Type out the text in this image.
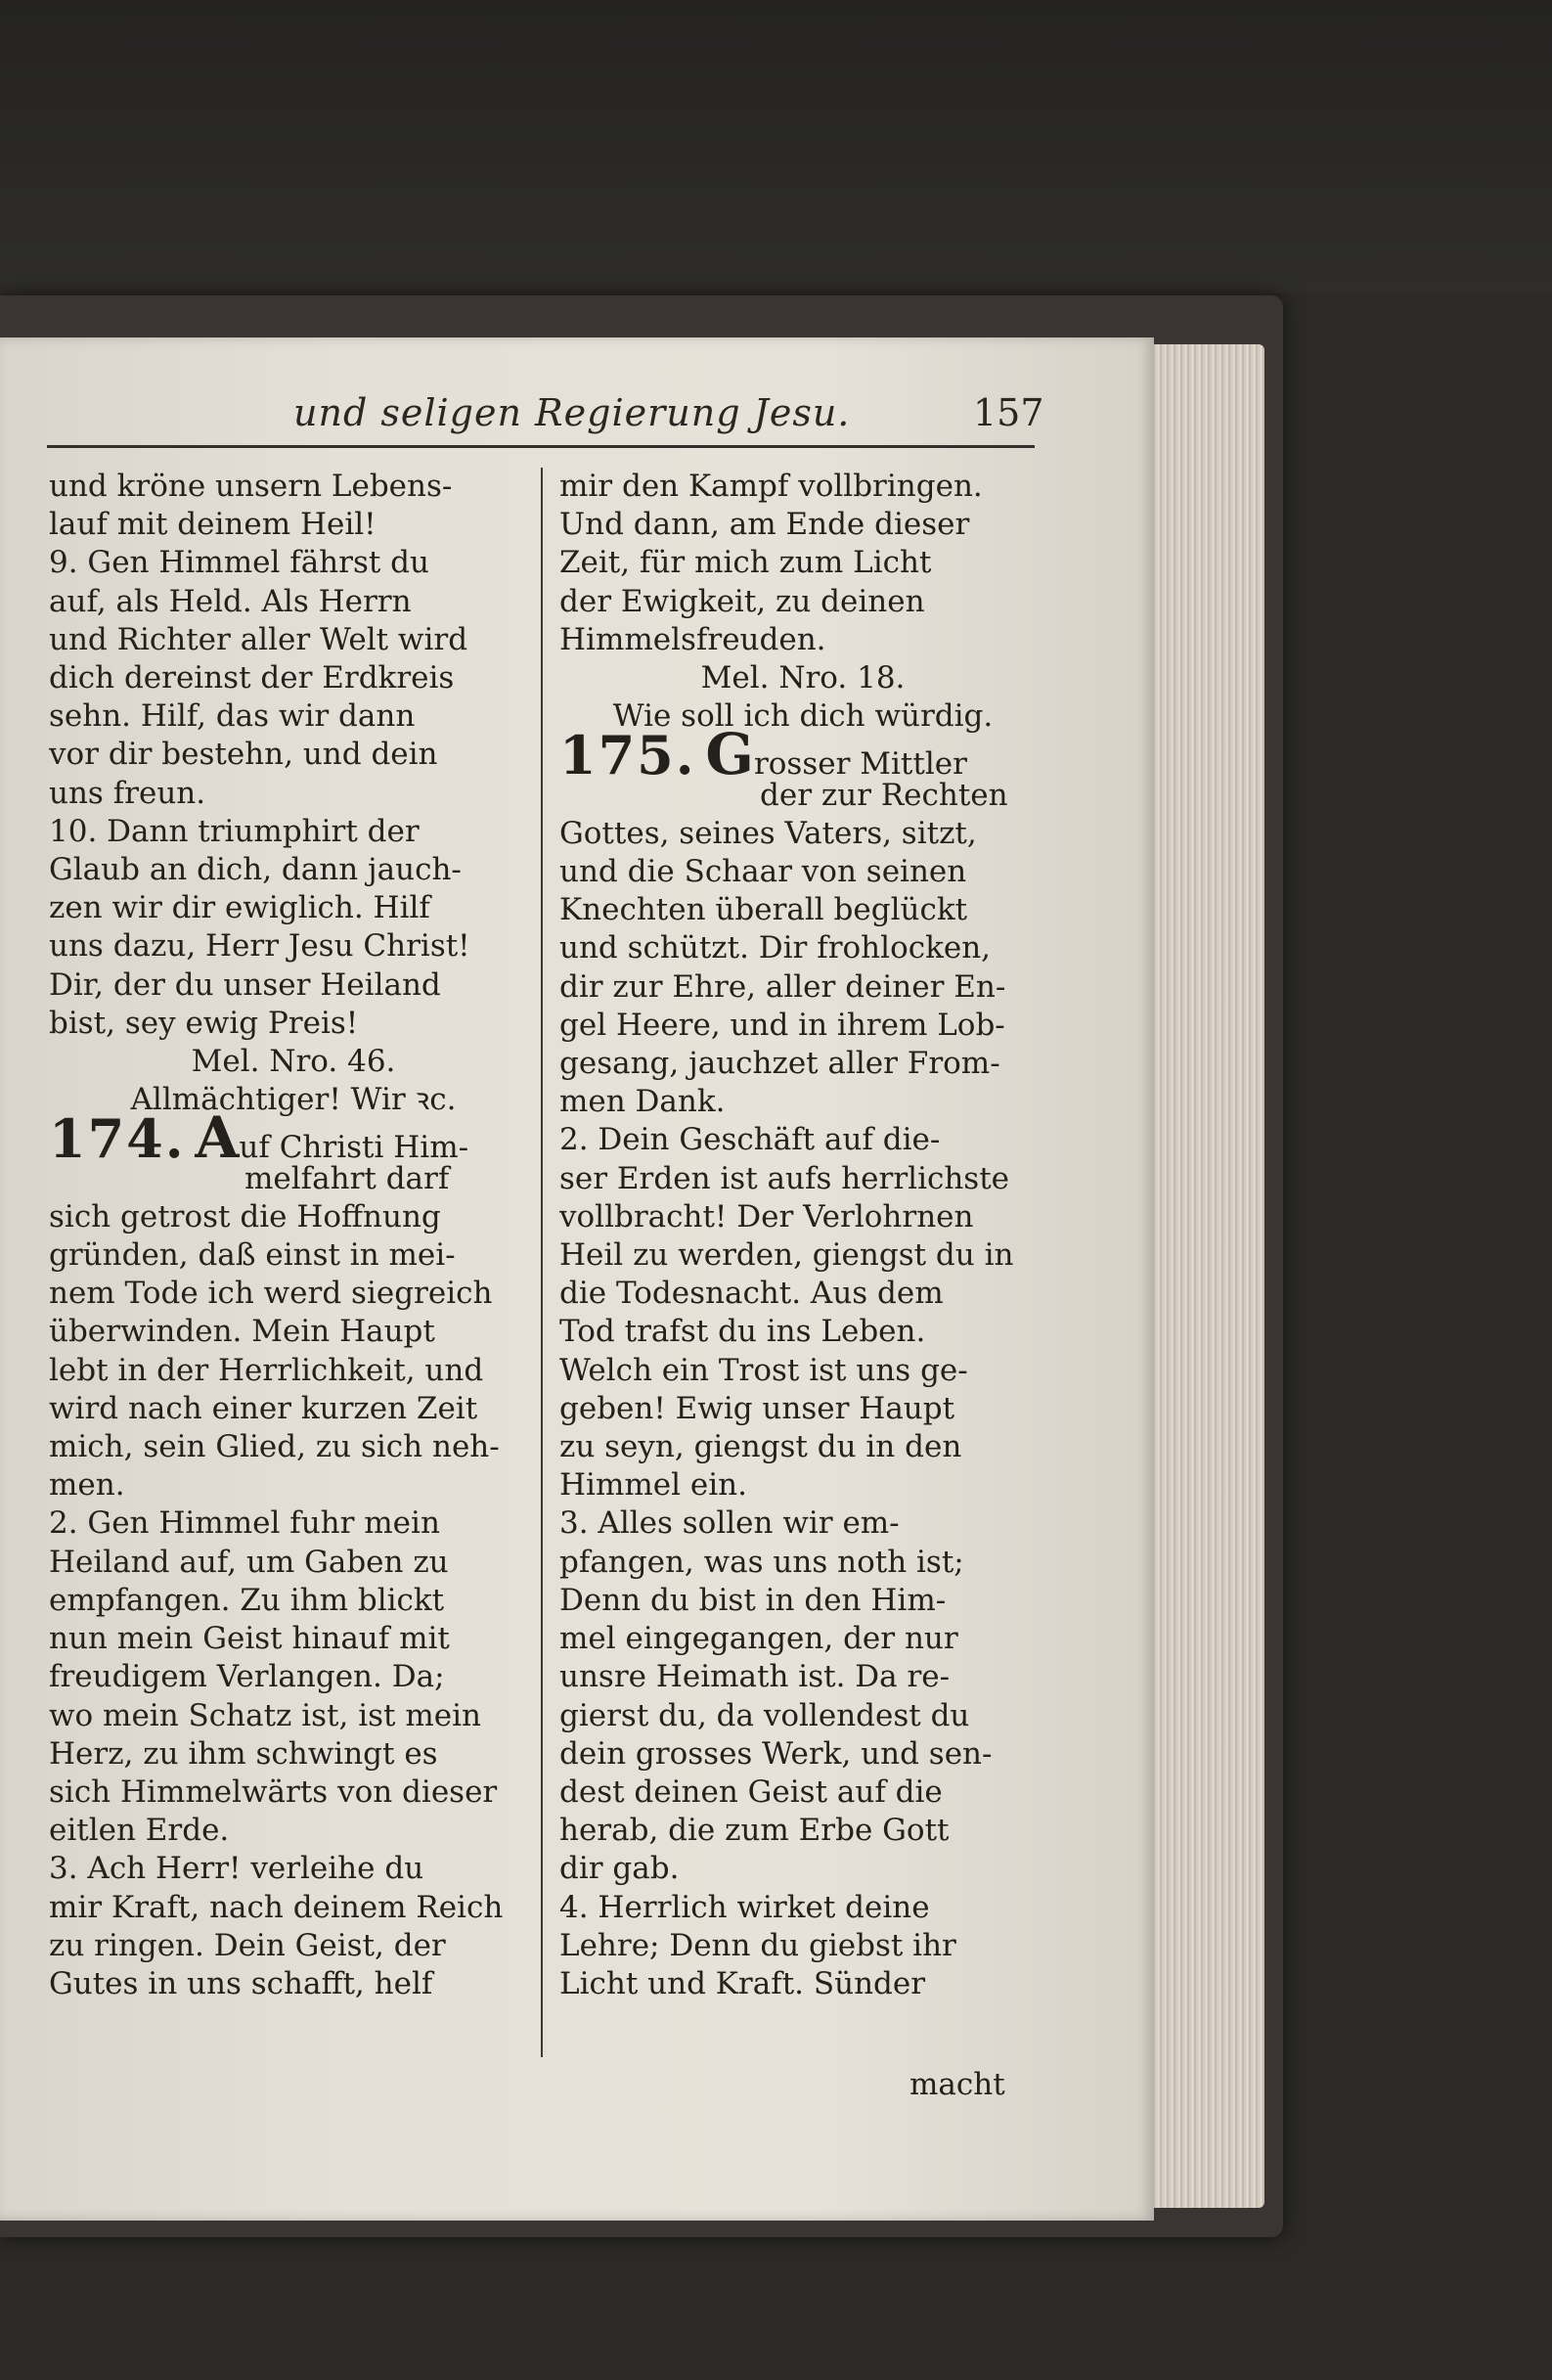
und seligen Regierung Jesu.	157
und kröne unsern Lebens-
lauf mit deinem Heil!
9. Gen Himmel fährst du
auf, als Held. Als Herrn
und Richter aller Welt wird
dich dereinst der Erdkreis
sehn. Hilf, das wir dann
vor dir bestehn, und dein
uns freun.
10. Dann triumphirt der
Glaub an dich, dann jauch-
zen wir dir ewiglich. Hilf
uns dazu, Herr Jesu Christ!
Dir, der du unser Heiland
bist, sey ewig Preis!
Mel. Nro. 46.
Allmächtiger! Wir ꝛc.
174. Auf Christi Him-
melfahrt darf
sich getrost die Hoffnung
gründen, daß einst in mei-
nem Tode ich werd siegreich
überwinden. Mein Haupt
lebt in der Herrlichkeit, und
wird nach einer kurzen Zeit
mich, sein Glied, zu sich neh-
men.
2. Gen Himmel fuhr mein
Heiland auf, um Gaben zu
empfangen. Zu ihm blickt
nun mein Geist hinauf mit
freudigem Verlangen. Da;
wo mein Schatz ist, ist mein
Herz, zu ihm schwingt es
sich Himmelwärts von dieser
eitlen Erde.
3. Ach Herr! verleihe du
mir Kraft, nach deinem Reich
zu ringen. Dein Geist, der
Gutes in uns schafft, helf
mir den Kampf vollbringen.
Und dann, am Ende dieser
Zeit, für mich zum Licht
der Ewigkeit, zu deinen
Himmelsfreuden.
Mel. Nro. 18.
Wie soll ich dich würdig.
175. Grosser Mittler
der zur Rechten
Gottes, seines Vaters, sitzt,
und die Schaar von seinen
Knechten überall beglückt
und schützt. Dir frohlocken,
dir zur Ehre, aller deiner En-
gel Heere, und in ihrem Lob-
gesang, jauchzet aller From-
men Dank.
2. Dein Geschäft auf die-
ser Erden ist aufs herrlichste
vollbracht! Der Verlohrnen
Heil zu werden, giengst du in
die Todesnacht. Aus dem
Tod trafst du ins Leben.
Welch ein Trost ist uns ge-
geben! Ewig unser Haupt
zu seyn, giengst du in den
Himmel ein.
3. Alles sollen wir em-
pfangen, was uns noth ist;
Denn du bist in den Him-
mel eingegangen, der nur
unsre Heimath ist. Da re-
gierst du, da vollendest du
dein grosses Werk, und sen-
dest deinen Geist auf die
herab, die zum Erbe Gott
dir gab.
4. Herrlich wirket deine
Lehre; Denn du giebst ihr
Licht und Kraft. Sünder
macht
